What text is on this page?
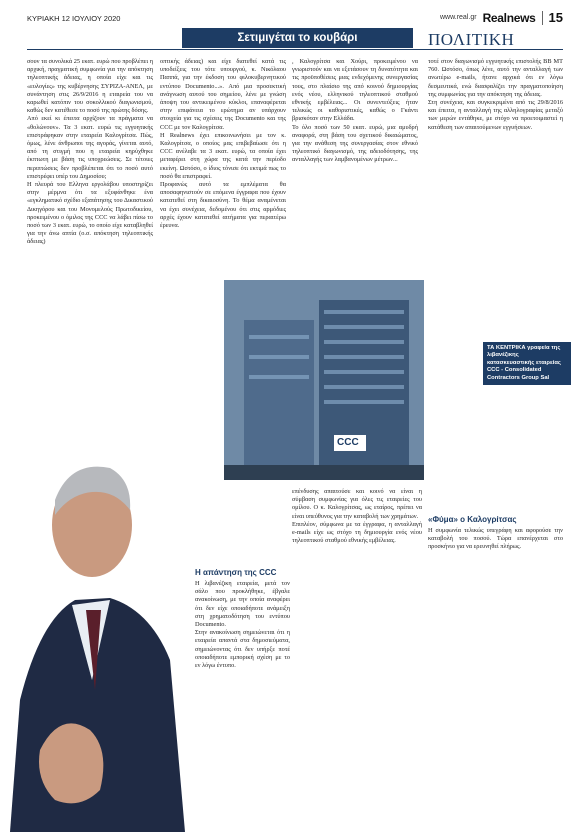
ΚΥΡΙΑΚΗ 12 ΙΟΥΛΙΟΥ 2020	www.real.gr Realnews 15
Σετιμιγέται το κουβάρι	ΠΟΛΙΤΙΚΗ
σουν τα συνολικά 25 εκατ. ευρώ που προβλέπει η αρχική, πραγματική συμφωνία για την απόκτηση τηλεοπτικής άδειας, η οποία είχε και τις «ευλογίες» της κυβέρνησης ΣΥΡΙΖΑ-ΑΝΕΛ, με συνάντηση στις 26/9/2016 η εταιρεία του να καρωθεί κατόπιν του σοκολλικού διαγωνισμού, καθώς δεν κατέθεσε το ποσό της πρώτης δόσης.
Από εκεί κι έπειτα αρχίζουν τα πράγματα να «θολώνουν». Τα 3 εκατ. ευρώ τις εγγυητικής επιστράφηκαν στην εταιρεία Καλογρίτσα. Πώς, όμως, λένε άνθρωποι της αγοράς, γίνεται αυτό, από τη στιγμή που η εταιρεία κηρύχθηκε έκπτωτη με βάση τις υποχρεώσεις. Σε τέτοιες περιπτώσεις δεν προβλέπεται ότι το ποσό αυτό επιστρέφει υπέρ του Δημοσίου;
Η πλευρά του Ελληνα εργολάβου υποστηρίζει στην μέρμνα ότι τα εξυφάνθηκε ένα «εγκληματικό σχέδιο εξαπάτησης του Δικαστικού Δικηγόρου και του Μονομελούς Πρωτοδικείου, προκειμένου ο όμιλος της CCC να λάβει πίσω το ποσό των 3 εκατ. ευρώ, το οποίο είχε καταβληθεί για την άνω απτία (ο.σ. απόκτηση τηλεοπτικής άδειας)
οπτικής άδειας) και είχε διατεθεί κατά τις υποδείξεις του τότε υπουργού, κ. Νικόλαου Παππά, για την έκδοση του φιλοκυβερνητικού εντύπου Documento...». Από μια προσεκτική ανάγνωση αυτού του σημείου, λένε με γνώση άποψη του αντικειμένου κύκλοι, επαναφέρεται στην επιφάνεια το ερώτημα αν υπάρχουν στοιχεία για τις σχέσεις της Documento και της CCC με τον Καλογρίτσα.
Η Realnews έχει επικοινωνήσει με τον κ. Καλογρίτσα, ο οποίος μας επιβεβαίωσε ότι η CCC ανέλαβε τα 3 εκατ. ευρώ, τα οποία έχει μεταφέρει στη χώρα της κατά την περίοδο εκείνη. Ωστόσο, ο ίδιος τόνισε ότι εκτιμά πως το ποσό θα επιστραφεί.
Προφανώς αυτό τα εμπλέματα θα αποσαφηνιστούν σε επόμενα έγγραφα που έχουν κατατεθεί στη δικαιοσύνη. Το θέμα αναμένεται να έχει συνέχεια, δεδομένου ότι στις αρμόδιες αρχές έχουν κατατεθεί αιτήματα για περαιτέρω έρευνα.
, Καλογρίτσα και Χούρι, προκειμένου να γνωριστούν και να εξετάσουν τη δυνατότητα και τις προϋποθέσεις μιας ενδεχόμενης συνεργασίας τους, στο πλαίσιο της από κοινού δημιουργίας ενός νέου, ελληνικού τηλεοπτικού σταθμού εθνικής εμβέλειας... Οι συνεντεύξεις ήταν τελικώς οι καθοριστικές, καθώς ο Γκάντι βρισκόταν στην Ελλάδα.
Το όλο ποσό των 50 εκατ. ευρώ, μια αμυδρή αναφορά, στη βάση του σχετικού δικαιώματος, για την ανάθεση της συνεργασίας στον εθνικό τηλεοπτικό διαγωνισμό, της αδειοδότησης, της ανταλλαγής των λαμβανομένων μέτρων...
τοτέ στον διαγωνισμό εγγυητικής επιστολής BB MT 760. Ωστόσο, όπως λένε, αυτό την ανταλλαγή των ανωτέρω e-mails, ήτανε αρχικά ότι εν λόγω δεσμευτικά, ενώ διασφαλίζει την πραγματοποίηση της συμφωνίας για την απόκτηση της άδειας.
Στη συνέχεια, και συγκεκριμένα από τις 29/8/2016 και έπειτα, η ανταλλαγή της αλληλογραφίας μεταξύ των μερών εντάθηκε, με στόχο να προετοιμαστεί η κατάθεση των απαιτούμενων εγγυήσεων.
CCC
ΤΑ ΚΕΝΤΡΙΚΑ γραφεία της λιβανέζικης κατασκευαστικής εταιρείας CCC - Consolidated Contractors Group Sal
Η απάντηση της CCC
Η λιβανέζικη εταιρεία, μετά τον σάλο που προκλήθηκε, έβγαλε ανακοίνωση, με την οποία αναφέρει ότι δεν είχε οποιαδήποτε ανάμειξη στη χρηματοδότηση του εντύπου Documento.
Στην ανακοίνωση σημειώνεται ότι η εταιρεία απαντά στα δημοσιεύματα, σημειώνοντας ότι δεν υπήρξε ποτέ οποιαδήποτε εμπορική σχέση με το εν λόγω έντυπο.
επένδυσης απαιτούσε και κοινό να είναι η σύμβαση συμφωνίας για όλες τις εταιρείες του ομίλου. Ο κ. Καλογρίτσας, ως εταίρος, πρέπει να είναι υπεύθυνος για την καταβολή των χρημάτων.
Επιπλέον, σύμφωνα με τα έγγραφα, η ανταλλαγή e-mails είχε ως στόχο τη δημιουργία ενός νέου τηλεοπτικού σταθμού εθνικής εμβέλειας.
«Φύμα» ο Καλογρίτσας
Η συμφωνία τελικώς υπεγράφη και αφορούσε την καταβολή του ποσού. Τώρα επανέρχεται στο προσκήνιο για να ερευνηθεί πλήρως.
